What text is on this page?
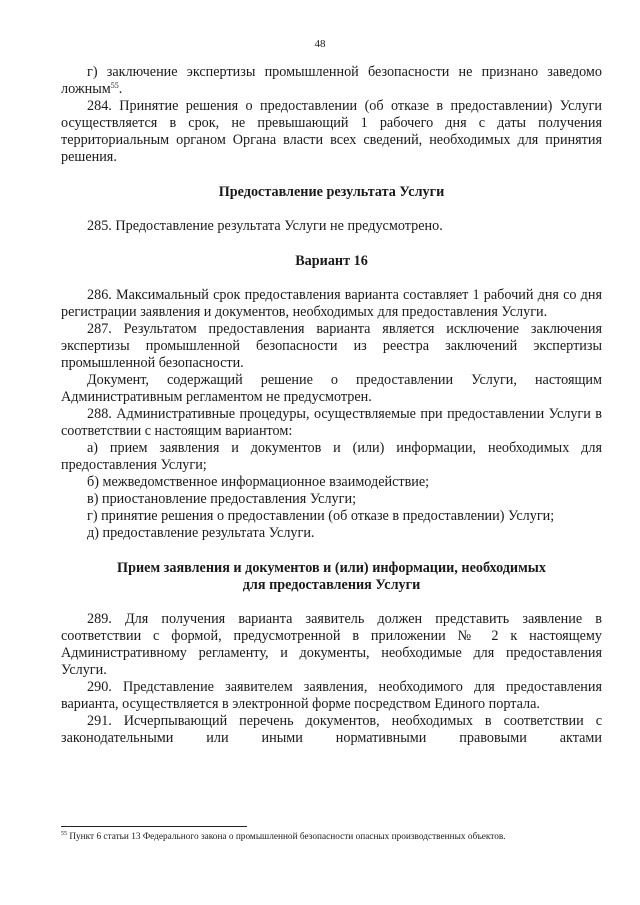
48

г) заключение экспертизы промышленной безопасности не признано заведомо ложным$^{55}$.

284. Принятие решения о предоставлении (об отказе в предоставлении) Услуги осуществляется в срок, не превышающий 1 рабочего дня с даты получения территориальным органом Органа власти всех сведений, необходимых для принятия решения.

Предоставление результата Услуги

285. Предоставление результата Услуги не предусмотрено.

Вариант 16

286. Максимальный срок предоставления варианта составляет 1 рабочий дня со дня регистрации заявления и документов, необходимых для предоставления Услуги.

287. Результатом предоставления варианта является исключение заключения экспертизы промышленной безопасности из реестра заключений экспертизы промышленной безопасности.

Документ, содержащий решение о предоставлении Услуги, настоящим Административным регламентом не предусмотрен.

288. Административные процедуры, осуществляемые при предоставлении Услуги в соответствии с настоящим вариантом:

а) прием заявления и документов и (или) информации, необходимых для предоставления Услуги;

б) межведомственное информационное взаимодействие;

в) приостановление предоставления Услуги;

г) принятие решения о предоставлении (об отказе в предоставлении) Услуги;

д) предоставление результата Услуги.

Прием заявления и документов и (или) информации, необходимых
для предоставления Услуги

289. Для получения варианта заявитель должен представить заявление в соответствии с формой, предусмотренной в приложении № 2 к настоящему Административному регламенту, и документы, необходимые для предоставления Услуги.

290. Представление заявителем заявления, необходимого для предоставления варианта, осуществляется в электронной форме посредством Единого портала.

291. Исчерпывающий перечень документов, необходимых в соответствии с законодательными или иными нормативными правовыми актами

$^{55}$ Пункт 6 статьи 13 Федерального закона о промышленной безопасности опасных производственных объектов.
